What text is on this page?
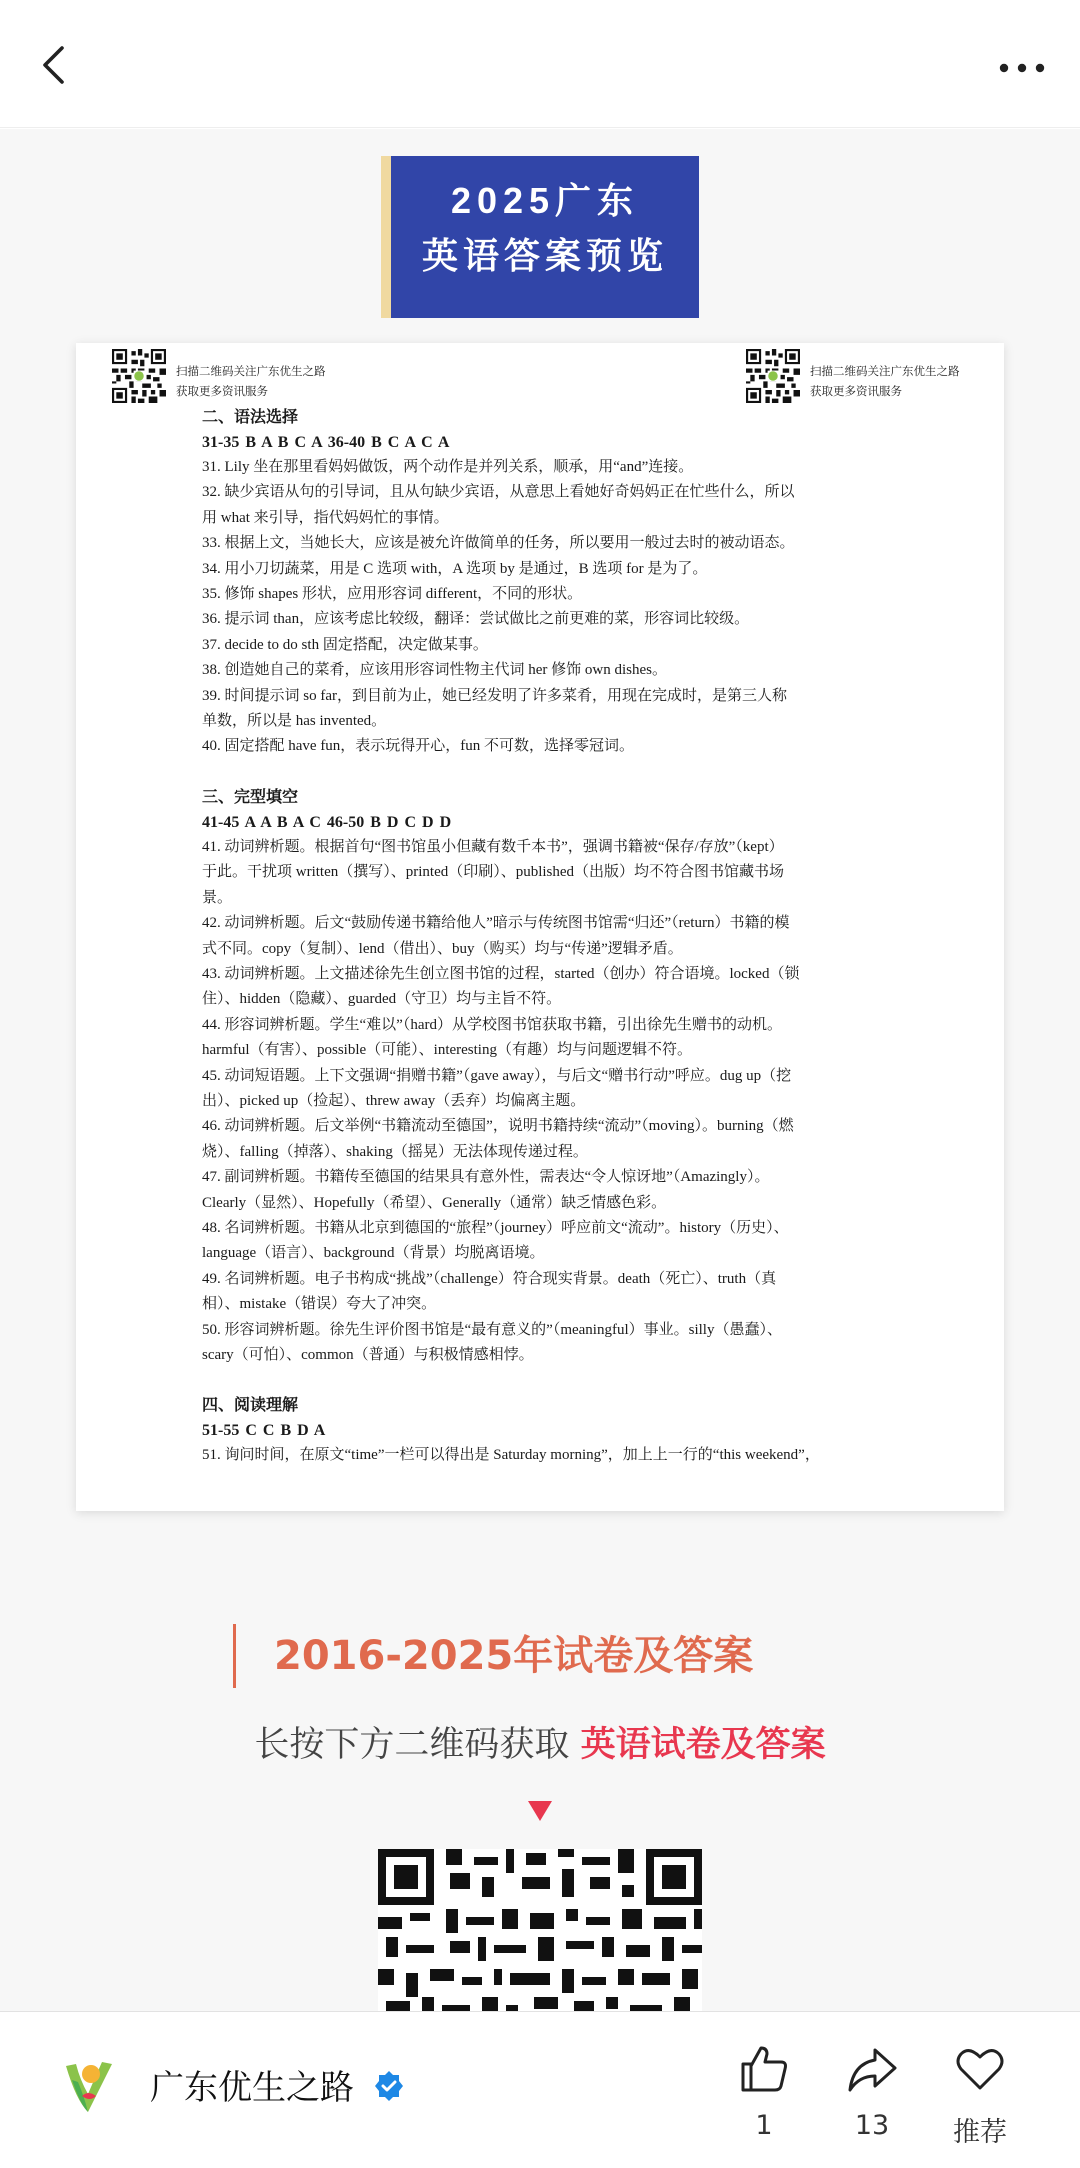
2025广东
英语答案预览
扫描二维码关注广东优生之路
获取更多资讯服务
扫描二维码关注广东优生之路
获取更多资讯服务
二、语法选择
31-35 B A B C A 36-40 B C A C A
31. Lily 坐在那里看妈妈做饭，两个动作是并列关系，顺承，用“and”连接。
32. 缺少宾语从句的引导词，且从句缺少宾语，从意思上看她好奇妈妈正在忙些什么，所以
用 what 来引导，指代妈妈忙的事情。
33. 根据上文，当她长大，应该是被允许做简单的任务，所以要用一般过去时的被动语态。
34. 用小刀切蔬菜，用是 C 选项 with，A 选项 by 是通过，B 选项 for 是为了。
35. 修饰 shapes 形状，应用形容词 different，不同的形状。
36. 提示词 than，应该考虑比较级，翻译：尝试做比之前更难的菜，形容词比较级。
37. decide to do sth 固定搭配，决定做某事。
38. 创造她自己的菜肴，应该用形容词性物主代词 her 修饰 own dishes。
39. 时间提示词 so far，到目前为止，她已经发明了许多菜肴，用现在完成时，是第三人称
单数，所以是 has invented。
40. 固定搭配 have fun，表示玩得开心，fun 不可数，选择零冠词。
三、完型填空
41-45 A A B A C 46-50 B D C D D
41. 动词辨析题。根据首句“图书馆虽小但藏有数千本书”，强调书籍被“保存/存放”（kept）
于此。干扰项 written（撰写）、printed（印刷）、published（出版）均不符合图书馆藏书场
景。
42. 动词辨析题。后文“鼓励传递书籍给他人”暗示与传统图书馆需“归还”（return）书籍的模
式不同。copy（复制）、lend（借出）、buy（购买）均与“传递”逻辑矛盾。
43. 动词辨析题。上文描述徐先生创立图书馆的过程，started（创办）符合语境。locked（锁
住）、hidden（隐藏）、guarded（守卫）均与主旨不符。
44. 形容词辨析题。学生“难以”（hard）从学校图书馆获取书籍，引出徐先生赠书的动机。
harmful（有害）、possible（可能）、interesting（有趣）均与问题逻辑不符。
45. 动词短语题。上下文强调“捐赠书籍”（gave away），与后文“赠书行动”呼应。dug up（挖
出）、picked up（捡起）、threw away（丢弃）均偏离主题。
46. 动词辨析题。后文举例“书籍流动至德国”，说明书籍持续“流动”（moving）。burning（燃
烧）、falling（掉落）、shaking（摇晃）无法体现传递过程。
47. 副词辨析题。书籍传至德国的结果具有意外性，需表达“令人惊讶地”（Amazingly）。
Clearly（显然）、Hopefully（希望）、Generally（通常）缺乏情感色彩。
48. 名词辨析题。书籍从北京到德国的“旅程”（journey）呼应前文“流动”。history（历史）、
language（语言）、background（背景）均脱离语境。
49. 名词辨析题。电子书构成“挑战”（challenge）符合现实背景。death（死亡）、truth（真
相）、mistake（错误）夸大了冲突。
50. 形容词辨析题。徐先生评价图书馆是“最有意义的”（meaningful）事业。silly（愚蠢）、
scary（可怕）、common（普通）与积极情感相悖。
四、阅读理解
51-55 C C B D A
51. 询问时间，在原文“time”一栏可以得出是 Saturday morning”，加上上一行的“this weekend”，
2016-2025年试卷及答案
长按下方二维码获取 英语试卷及答案
广东优生之路
1	13	推荐
